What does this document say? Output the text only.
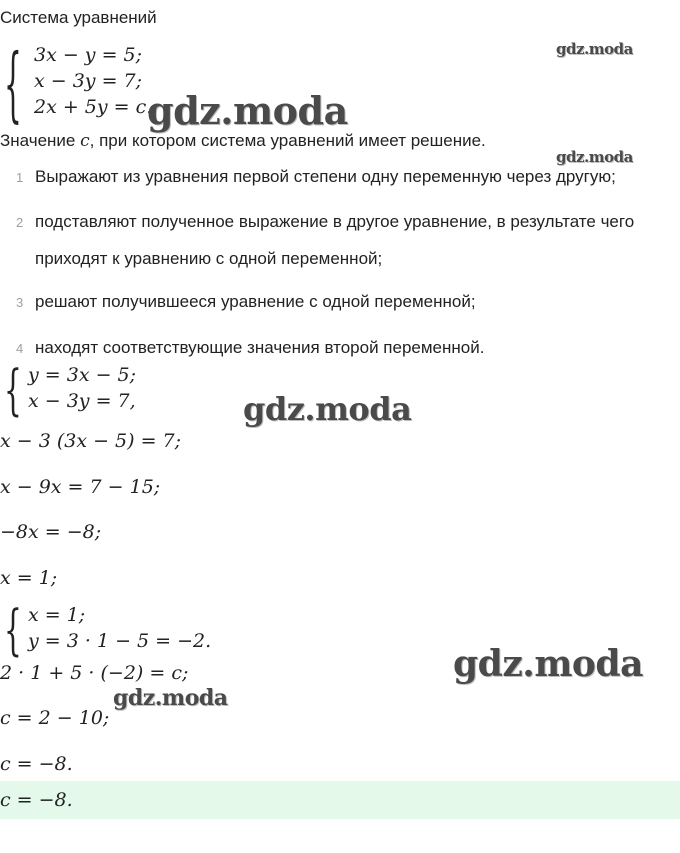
Система уравнений
{ 3x − y = 5;
x − 3y = 7;
2x + 5y = c.
Значение c, при котором система уравнений имеет решение.
1 Выражают из уравнения первой степени одну переменную через другую;
2 подставляют полученное выражение в другое уравнение, в результате чего приходят к уравнению с одной переменной;
3 решают получившееся уравнение с одной переменной;
4 находят соответствующие значения второй переменной.
{ y = 3x − 5;
x − 3y = 7,
x − 3 (3x − 5) = 7;
x − 9x = 7 − 15;
−8x = −8;
x = 1;
{ x = 1;
y = 3 · 1 − 5 = −2.
2 · 1 + 5 · (−2) = c;
c = 2 − 10;
c = −8.
c = −8.
gdz.moda
gdz.moda
gdz.moda
gdz.moda
gdz.moda
gdz.moda
